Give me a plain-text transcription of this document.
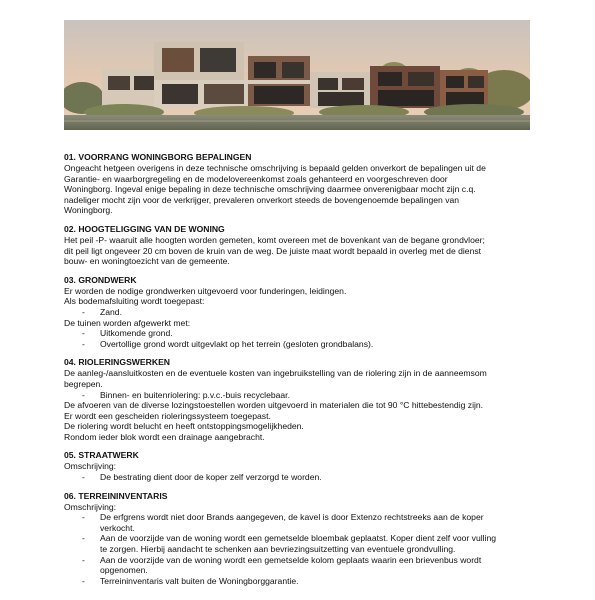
01. VOORRANG WONINGBORG BEPALINGEN
Ongeacht hetgeen overigens in deze technische omschrijving is bepaald gelden onverkort de bepalingen uit de
Garantie- en waarborgregeling en de modelovereenkomst zoals gehanteerd en voorgeschreven door
Woningborg. Ingeval enige bepaling in deze technische omschrijving daarmee onverenigbaar mocht zijn c.q.
nadeliger mocht zijn voor de verkrijger, prevaleren onverkort steeds de bovengenoemde bepalingen van
Woningborg.
02. HOOGTELIGGING VAN DE WONING
Het peil -P- waaruit alle hoogten worden gemeten, komt overeen met de bovenkant van de begane grondvloer;
dit peil ligt ongeveer 20 cm boven de kruin van de weg. De juiste maat wordt bepaald in overleg met de dienst
bouw- en woningtoezicht van de gemeente.
03. GRONDWERK
Er worden de nodige grondwerken uitgevoerd voor funderingen, leidingen.
Als bodemafsluiting wordt toegepast:
- Zand.
De tuinen worden afgewerkt met:
- Uitkomende grond.
- Overtollige grond wordt uitgevlakt op het terrein (gesloten grondbalans).
04. RIOLERINGSWERKEN
De aanleg-/aansluitkosten en de eventuele kosten van ingebruikstelling van de riolering zijn in de aanneemsom
begrepen.
- Binnen- en buitenriolering: p.v.c.-buis recyclebaar.
De afvoeren van de diverse lozingstoestellen worden uitgevoerd in materialen die tot 90 °C hittebestendig zijn.
Er wordt een gescheiden rioleringssysteem toegepast.
De riolering wordt belucht en heeft ontstoppingsmogelijkheden.
Rondom ieder blok wordt een drainage aangebracht.
05. STRAATWERK
Omschrijving:
- De bestrating dient door de koper zelf verzorgd te worden.
06. TERREININVENTARIS
Omschrijving:
- De erfgrens wordt niet door Brands aangegeven, de kavel is door Extenzo rechtstreeks aan de koper
verkocht.
- Aan de voorzijde van de woning wordt een gemetselde bloembak geplaatst. Koper dient zelf voor vulling
te zorgen. Hierbij aandacht te schenken aan bevriezingsuitzetting van eventuele grondvulling.
- Aan de voorzijde van de woning wordt een gemetselde kolom geplaats waarin een brievenbus wordt
opgenomen.
- Terreininventaris valt buiten de Woningborggarantie.
